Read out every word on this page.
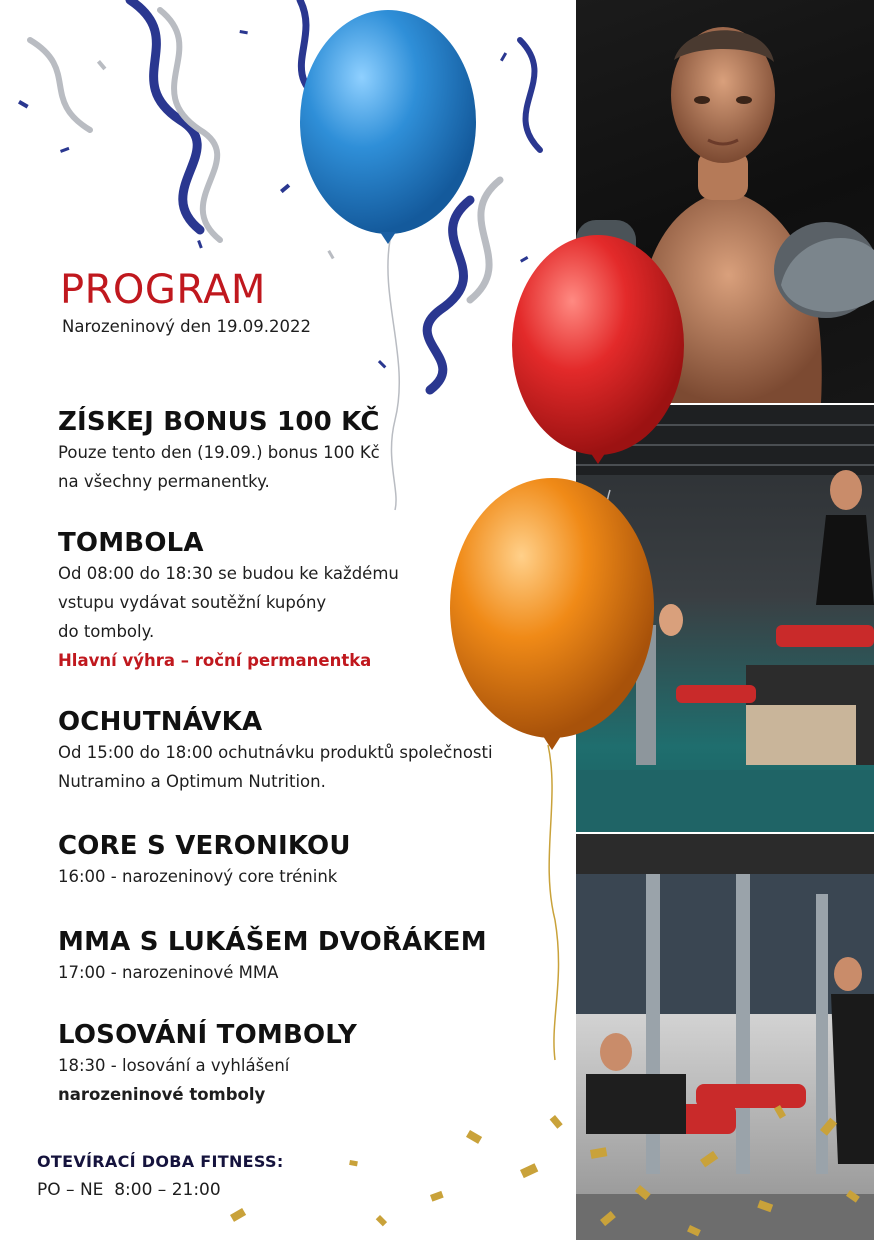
PROGRAM
Narozeninový den 19.09.2022
ZÍSKEJ BONUS 100 KČ
Pouze tento den (19.09.) bonus 100 Kč
na všechny permanentky.
TOMBOLA
Od 08:00 do 18:30 se budou ke každému
vstupu vydávat soutěžní kupóny
do tomboly.
Hlavní výhra – roční permanentka
OCHUTNÁVKA
Od 15:00 do 18:00 ochutnávku produktů společnosti
Nutramino a Optimum Nutrition.
CORE S VERONIKOU
16:00 - narozeninový core trénink
MMA S LUKÁŠEM DVOŘÁKEM
17:00 - narozeninové MMA
LOSOVÁNÍ TOMBOLY
18:30 - losování a vyhlášení
narozeninové tomboly
OTEVÍRACÍ DOBA FITNESS:
PO – NE  8:00 – 21:00
